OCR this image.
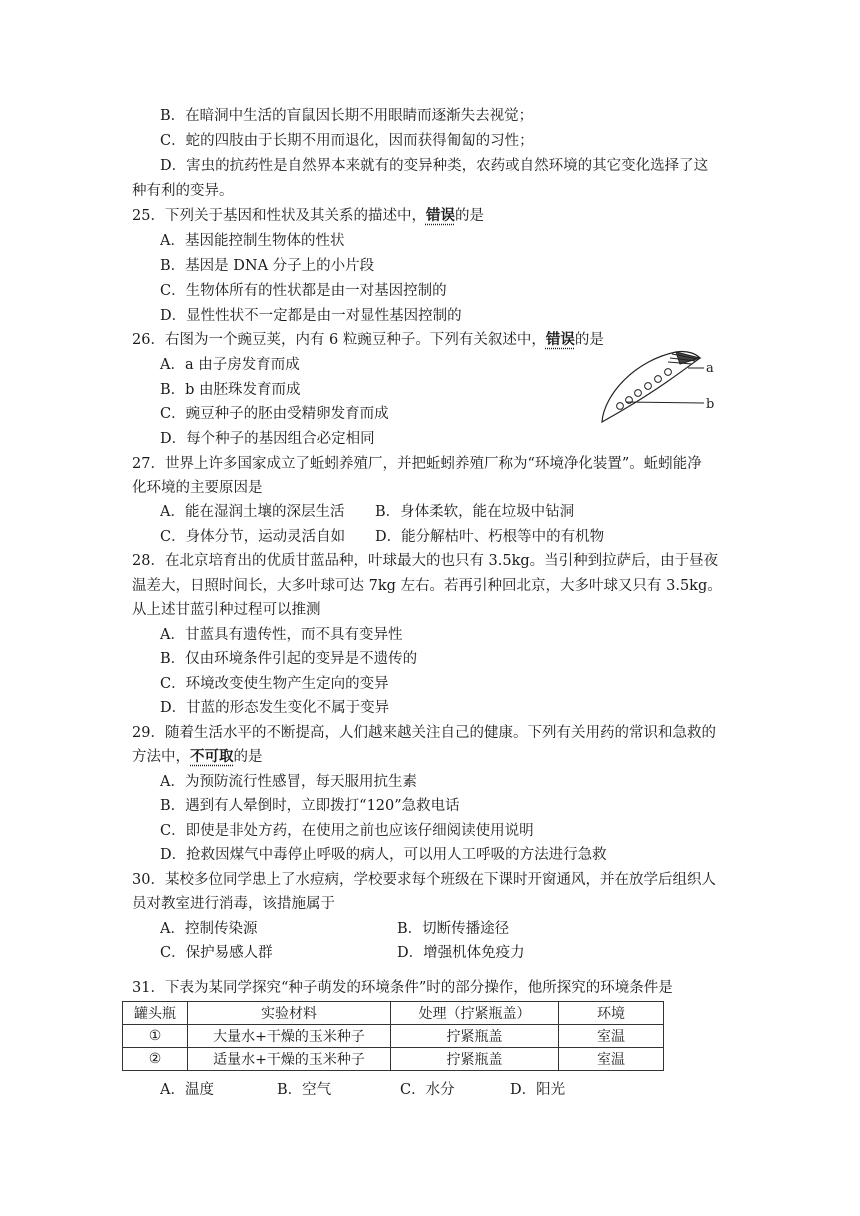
B．在暗洞中生活的盲鼠因长期不用眼睛而逐渐失去视觉；
C．蛇的四肢由于长期不用而退化，因而获得匍匐的习性；
D．害虫的抗药性是自然界本来就有的变异种类，农药或自然环境的其它变化选择了这
种有利的变异。
25．下列关于基因和性状及其关系的描述中，错误的是
A．基因能控制生物体的性状
B．基因是 DNA 分子上的小片段
C．生物体所有的性状都是由一对基因控制的
D．显性性状不一定都是由一对显性基因控制的
26．右图为一个豌豆荚，内有 6 粒豌豆种子。下列有关叙述中，错误的是
A．a 由子房发育而成
B．b 由胚珠发育而成
C．豌豆种子的胚由受精卵发育而成
D．每个种子的基因组合必定相同
a
b
27．世界上许多国家成立了蚯蚓养殖厂，并把蚯蚓养殖厂称为“环境净化装置”。蚯蚓能净
化环境的主要原因是
A．能在湿润土壤的深层生活 B．身体柔软，能在垃圾中钻洞
C．身体分节，运动灵活自如 D．能分解枯叶、朽根等中的有机物
28．在北京培育出的优质甘蓝品种，叶球最大的也只有 3.5kg。当引种到拉萨后，由于昼夜
温差大，日照时间长，大多叶球可达 7kg 左右。若再引种回北京，大多叶球又只有 3.5kg。
从上述甘蓝引种过程可以推测
A．甘蓝具有遗传性，而不具有变异性
B．仅由环境条件引起的变异是不遗传的
C．环境改变使生物产生定向的变异
D．甘蓝的形态发生变化不属于变异
29．随着生活水平的不断提高，人们越来越关注自己的健康。下列有关用药的常识和急救的
方法中，不可取的是
A．为预防流行性感冒，每天服用抗生素
B．遇到有人晕倒时，立即拨打“120”急救电话
C．即使是非处方药，在使用之前也应该仔细阅读使用说明
D．抢救因煤气中毒停止呼吸的病人，可以用人工呼吸的方法进行急救
30．某校多位同学患上了水痘病，学校要求每个班级在下课时开窗通风，并在放学后组织人
员对教室进行消毒，该措施属于
A．控制传染源	B．切断传播途径
C．保护易感人群	D．增强机体免疫力
31．下表为某同学探究“种子萌发的环境条件”时的部分操作，他所探究的环境条件是
罐头瓶	实验材料	处理（拧紧瓶盖）	环境
①	大量水+干燥的玉米种子	拧紧瓶盖	室温
②	适量水+干燥的玉米种子	拧紧瓶盖	室温
A．温度	B．空气	C．水分	D．阳光
